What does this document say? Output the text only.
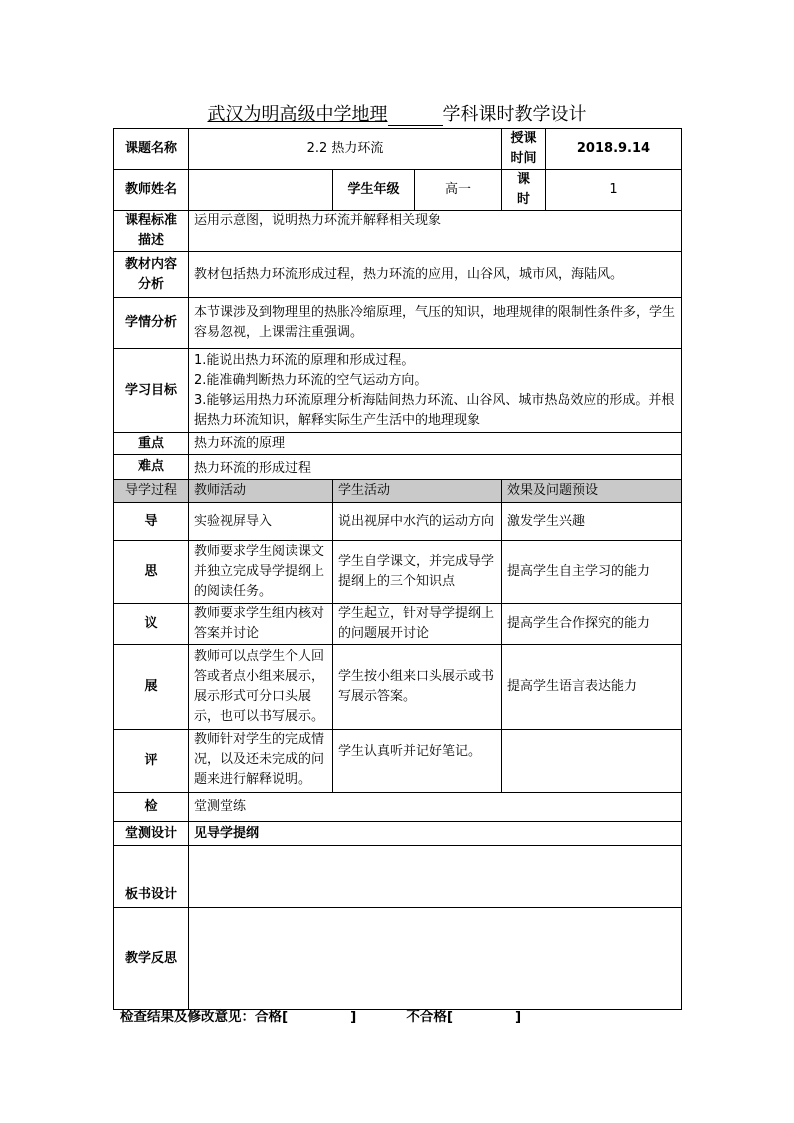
武汉为明高级中学地理	学科课时教学设计
课题名称	2.2 热力环流			授课时间	2018.9.14
教师姓名		学生年级	高一	课　　时	1
课程标准描述	运用示意图，说明热力环流并解释相关现象				
教材内容分析	教材包括热力环流形成过程，热力环流的应用，山谷风，城市风，海陆风。				
学情分析	本节课涉及到物理里的热胀冷缩原理，气压的知识，地理规律的限制性条件多，学生容易忽视，上课需注重强调。				
学习目标	1.能说出热力环流的原理和形成过程。
2.能准确判断热力环流的空气运动方向。
3.能够运用热力环流原理分析海陆间热力环流、山谷风、城市热岛效应的形成。并根据热力环流知识，解释实际生产生活中的地理现象				

重点	热力环流的原理				
难点	热力环流的形成过程				
导学过程	教师活动	学生活动		效果及问题预设	
导	实验视屏导入	说出视屏中水汽的运动方向		激发学生兴趣	
思	教师要求学生阅读课文并独立完成导学提纲上的阅读任务。	学生自学课文，并完成导学提纲上的三个知识点		提高学生自主学习的能力	
议	教师要求学生组内核对答案并讨论	学生起立，针对导学提纲上的问题展开讨论		提高学生合作探究的能力	
展	教师可以点学生个人回答或者点小组来展示，展示形式可分口头展示，也可以书写展示。	学生按小组来口头展示或书写展示答案。		提高学生语言表达能力	
评	教师针对学生的完成情况，以及还未完成的问题来进行解释说明。	学生认真听并记好笔记。			
检	堂测堂练				
堂测设计	见导学提纲				
板书设计					
教学反思					
检查结果及修改意见：合格[	]	不合格[	]
